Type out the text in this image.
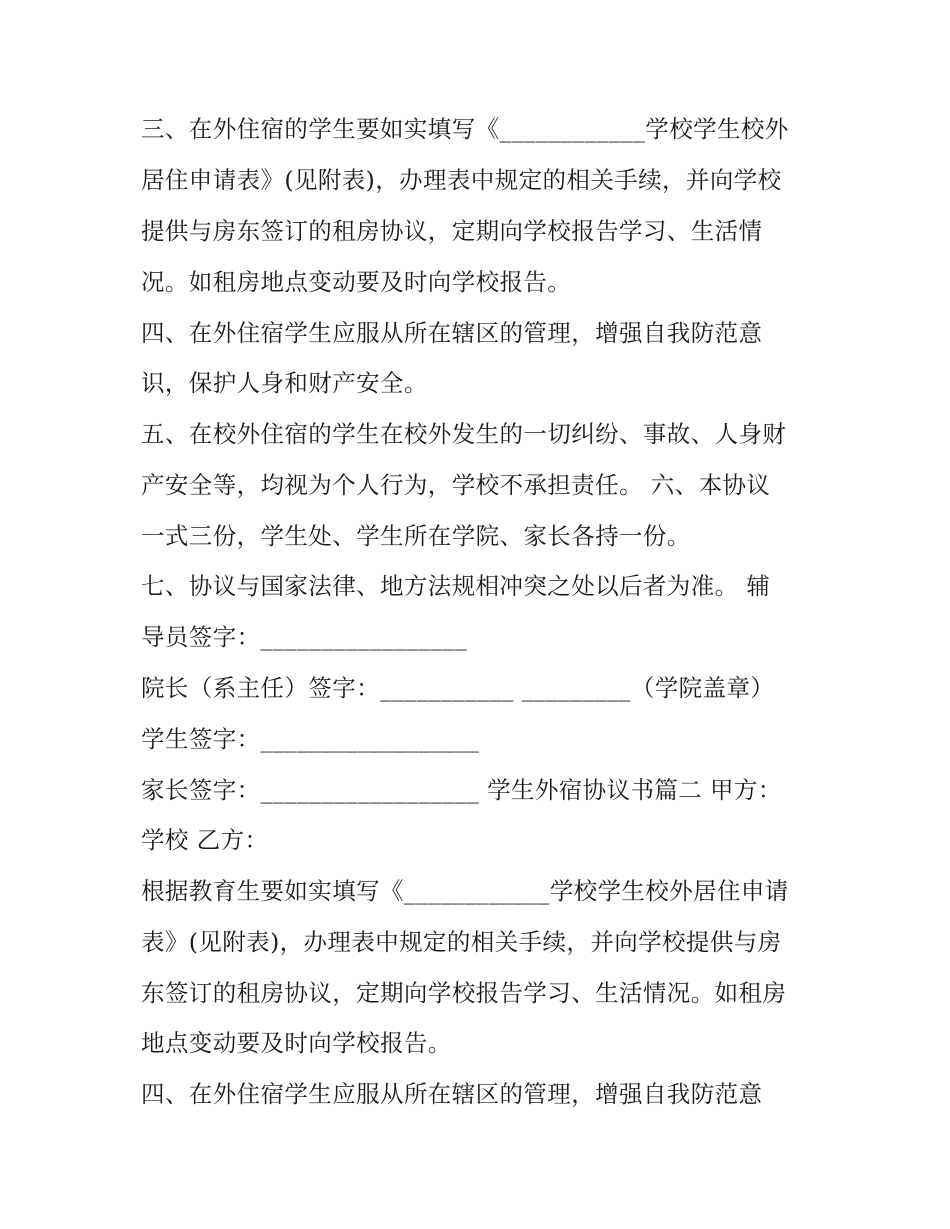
三、在外住宿的学生要如实填写《____________学校学生校外
居住申请表》(见附表)，办理表中规定的相关手续，并向学校
提供与房东签订的租房协议，定期向学校报告学习、生活情
况。如租房地点变动要及时向学校报告。
四、在外住宿学生应服从所在辖区的管理，增强自我防范意
识，保护人身和财产安全。
五、在校外住宿的学生在校外发生的一切纠纷、事故、人身财
产安全等，均视为个人行为，学校不承担责任。 六、本协议
一式三份，学生处、学生所在学院、家长各持一份。
七、协议与国家法律、地方法规相冲突之处以后者为准。 辅
导员签字：_________________
院长（系主任）签字：___________ _________（学院盖章）
学生签字：__________________
家长签字：__________________ 学生外宿协议书篇二 甲方：
学校 乙方：
根据教育生要如实填写《____________学校学生校外居住申请
表》(见附表)，办理表中规定的相关手续，并向学校提供与房
东签订的租房协议，定期向学校报告学习、生活情况。如租房
地点变动要及时向学校报告。
四、在外住宿学生应服从所在辖区的管理，增强自我防范意
